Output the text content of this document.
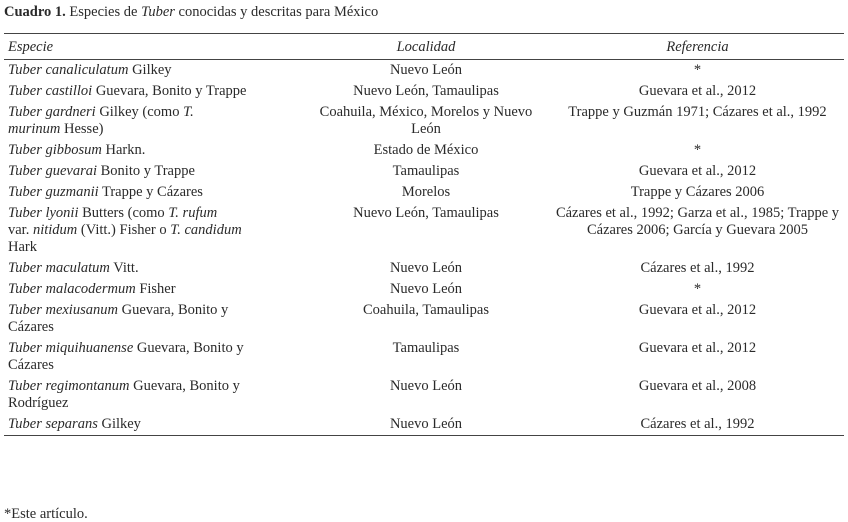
Cuadro 1. Especies de Tuber conocidas y descritas para México
Especie	Localidad	Referencia
Tuber canaliculatum Gilkey	Nuevo León	*
Tuber castilloi Guevara, Bonito y Trappe	Nuevo León, Tamaulipas	Guevara et al., 2012
Tuber gardneri Gilkey (como T.
murinum Hesse)	Coahuila, México, Morelos y Nuevo León	Trappe y Guzmán 1971; Cázares et al., 1992
Tuber gibbosum Harkn.	Estado de México	*
Tuber guevarai Bonito y Trappe	Tamaulipas	Guevara et al., 2012
Tuber guzmanii Trappe y Cázares	Morelos	Trappe y Cázares 2006
Tuber lyonii Butters (como T. rufum
var. nitidum (Vitt.) Fisher o T. candidum
Hark	Nuevo León, Tamaulipas	Cázares et al., 1992; Garza et al., 1985; Trappe y Cázares 2006; García y Guevara 2005
Tuber maculatum Vitt.	Nuevo León	Cázares et al., 1992
Tuber malacodermum Fisher	Nuevo León	*
Tuber mexiusanum Guevara, Bonito y
Cázares	Coahuila, Tamaulipas	Guevara et al., 2012
Tuber miquihuanense Guevara, Bonito y
Cázares	Tamaulipas	Guevara et al., 2012
Tuber regimontanum Guevara, Bonito y
Rodríguez	Nuevo León	Guevara et al., 2008
Tuber separans Gilkey	Nuevo León	Cázares et al., 1992
*Este artículo.
